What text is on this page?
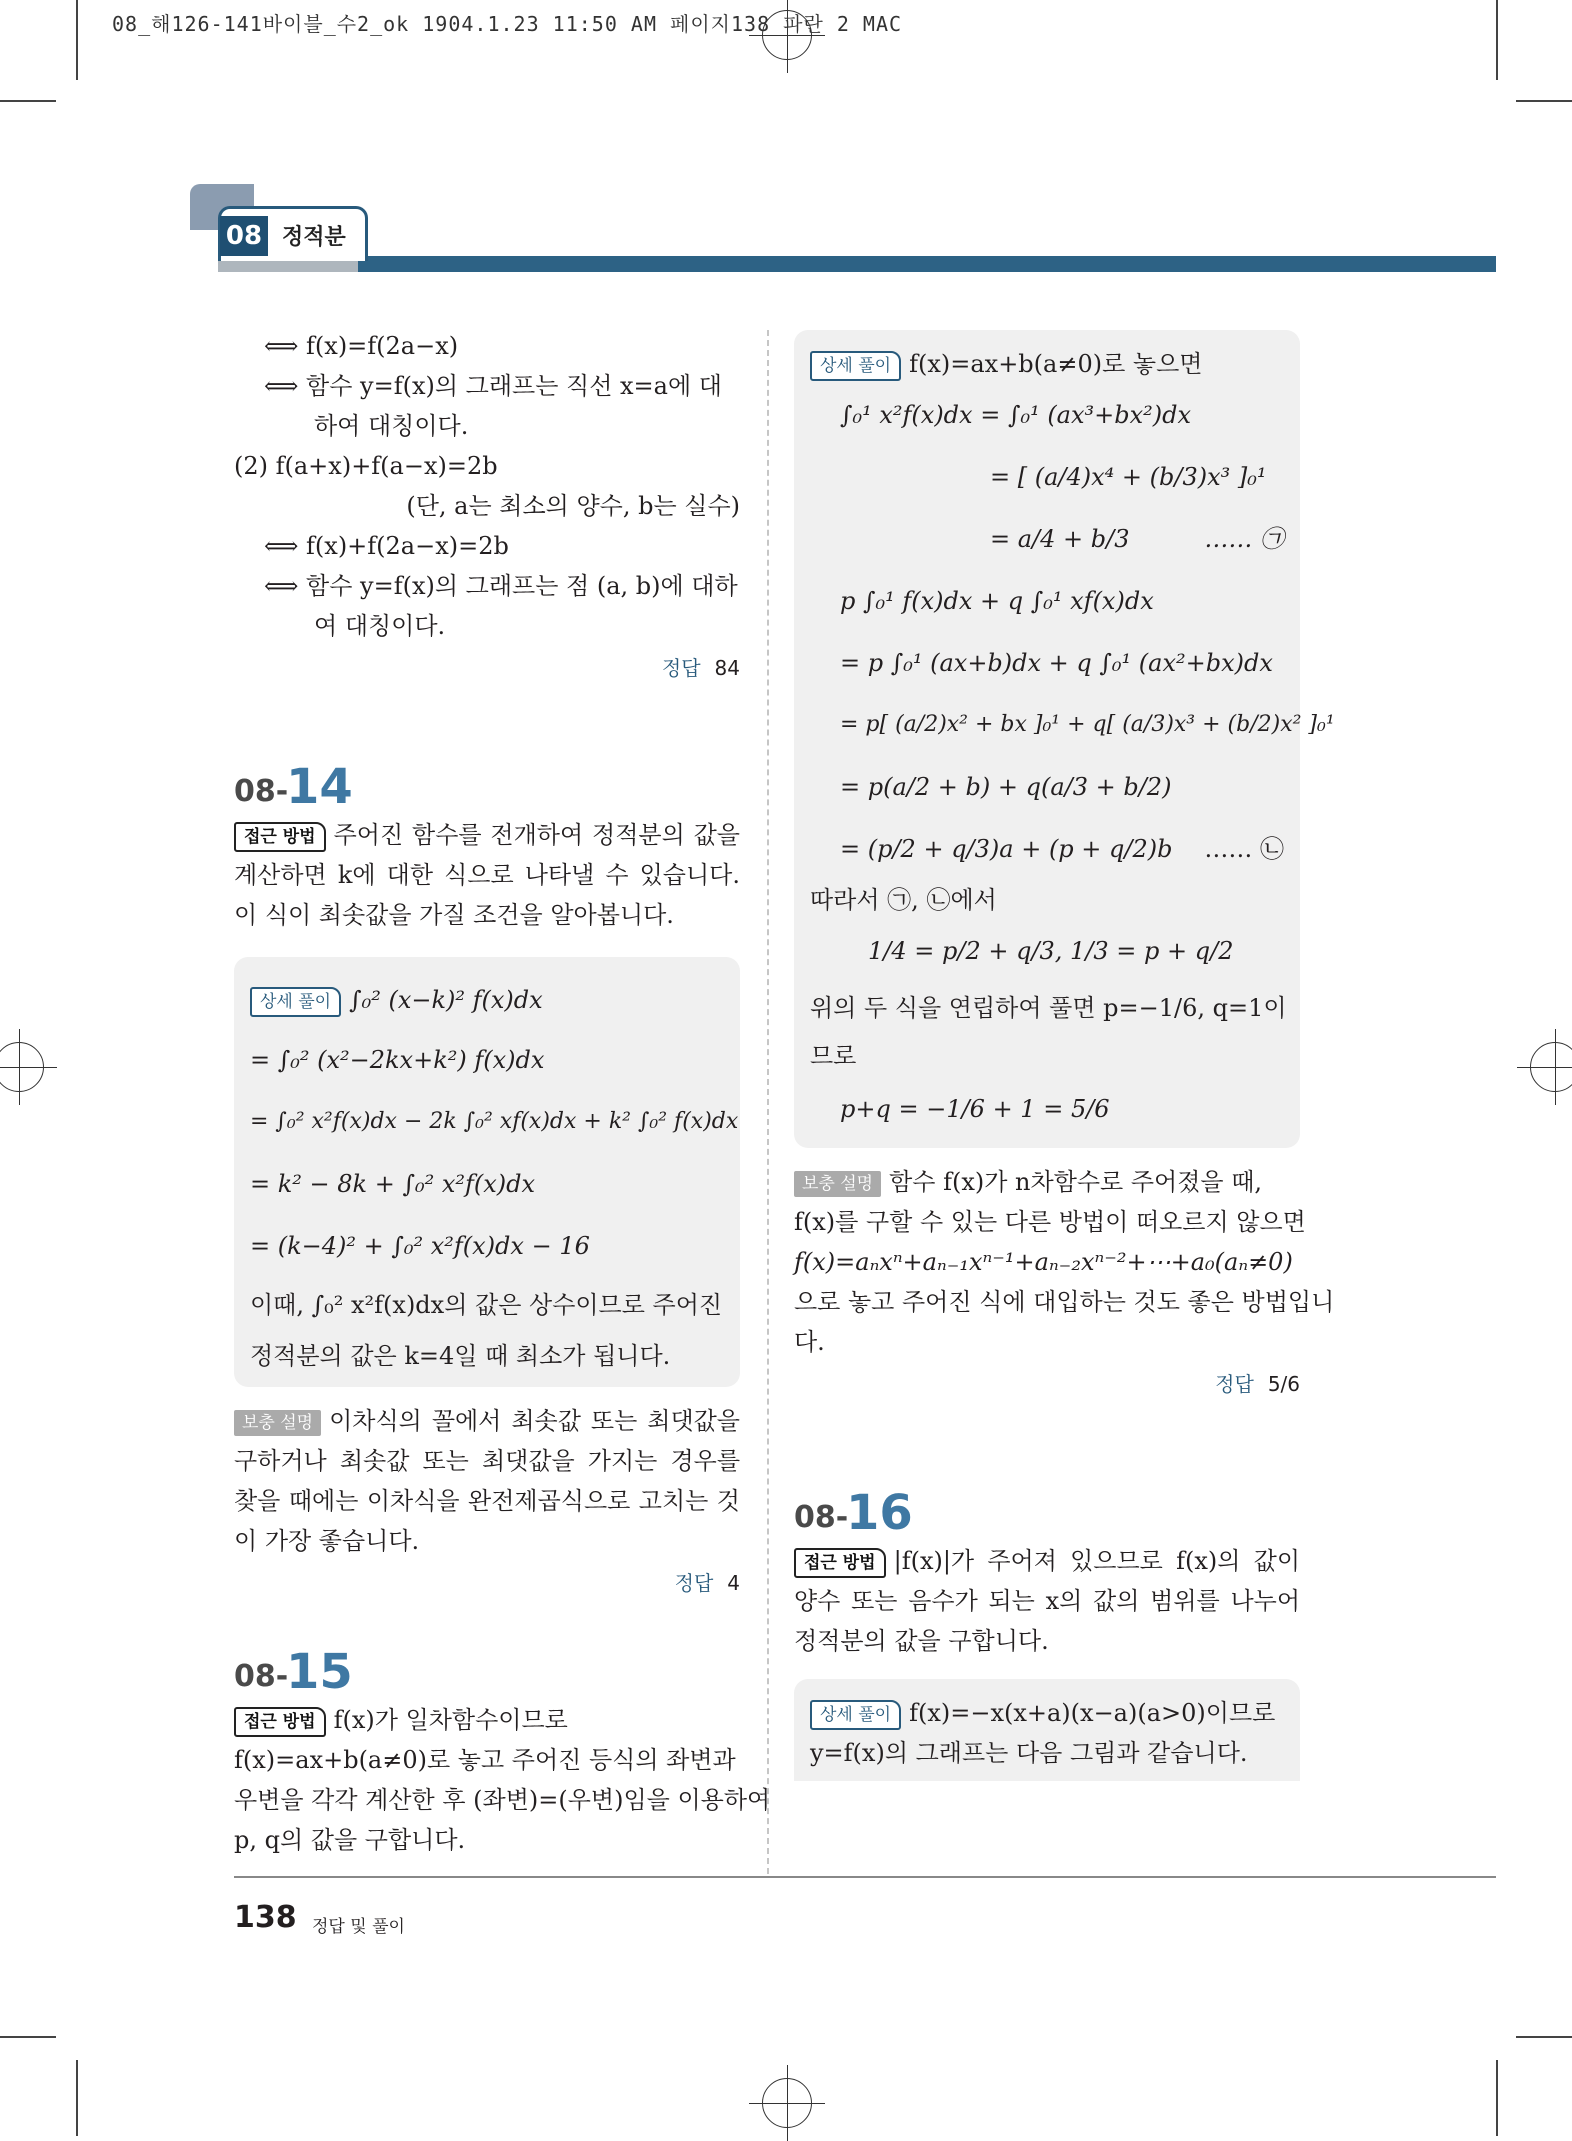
08_해126-141바이블_수2_ok 1904.1.23 11:50 AM 페이지138 파란 2 MAC
08 정적분
⟺ f(x)=f(2a−x)
⟺ 함수 y=f(x)의 그래프는 직선 x=a에 대
하여 대칭이다.
(2) f(a+x)+f(a−x)=2b
(단, a는 최소의 양수, b는 실수)
⟺ f(x)+f(2a−x)=2b
⟺ 함수 y=f(x)의 그래프는 점 (a, b)에 대하
여 대칭이다.
정답 84
08-
14
접근 방법 주어진 함수를 전개하여 정적분의 값을 계산하면 k에 대한 식으로 나타낼 수 있습니다. 이 식이 최솟값을 가질 조건을 알아봅니다.
상세 풀이 ∫₀² (x−k)² f(x)dx
= ∫₀² (x²−2kx+k²) f(x)dx
= ∫₀² x²f(x)dx − 2k ∫₀² xf(x)dx + k² ∫₀² f(x)dx
= k² − 8k + ∫₀² x²f(x)dx
= (k−4)² + ∫₀² x²f(x)dx − 16
이때, ∫₀² x²f(x)dx의 값은 상수이므로 주어진
정적분의 값은 k=4일 때 최소가 됩니다.
보충 설명 이차식의 꼴에서 최솟값 또는 최댓값을 구하거나 최솟값 또는 최댓값을 가지는 경우를 찾을 때에는 이차식을 완전제곱식으로 고치는 것이 가장 좋습니다.
정답 4
08-
15
접근 방법 f(x)가 일차함수이므로
f(x)=ax+b(a≠0)로 놓고 주어진 등식의 좌변과
우변을 각각 계산한 후 (좌변)=(우변)임을 이용하여
p, q의 값을 구합니다.
상세 풀이 f(x)=ax+b(a≠0)로 놓으면
∫₀¹ x²f(x)dx = ∫₀¹ (ax³+bx²)dx
= [ (a/4)x⁴ + (b/3)x³ ]₀¹
= a/4 + b/3	…… ㉠
p ∫₀¹ f(x)dx + q ∫₀¹ xf(x)dx
= p ∫₀¹ (ax+b)dx + q ∫₀¹ (ax²+bx)dx
= p[ (a/2)x² + bx ]₀¹ + q[ (a/3)x³ + (b/2)x² ]₀¹
= p(a/2 + b) + q(a/3 + b/2)
= (p/2 + q/3)a + (p + q/2)b …… ㉡
따라서 ㉠, ㉡에서
1/4 = p/2 + q/3, 1/3 = p + q/2
위의 두 식을 연립하여 풀면 p=−1/6, q=1이
므로
p+q = −1/6 + 1 = 5/6
보충 설명 함수 f(x)가 n차함수로 주어졌을 때,
f(x)를 구할 수 있는 다른 방법이 떠오르지 않으면
f(x)=aₙxⁿ+aₙ₋₁xⁿ⁻¹+aₙ₋₂xⁿ⁻²+⋯+a₀(aₙ≠0)
으로 놓고 주어진 식에 대입하는 것도 좋은 방법입니
다.
정답 5/6
08-
16
접근 방법 |f(x)|가 주어져 있으므로 f(x)의 값이 양수 또는 음수가 되는 x의 값의 범위를 나누어 정적분의 값을 구합니다.
상세 풀이 f(x)=−x(x+a)(x−a)(a>0)이므로 y=f(x)의 그래프는 다음 그림과 같습니다.
138 정답 및 풀이
